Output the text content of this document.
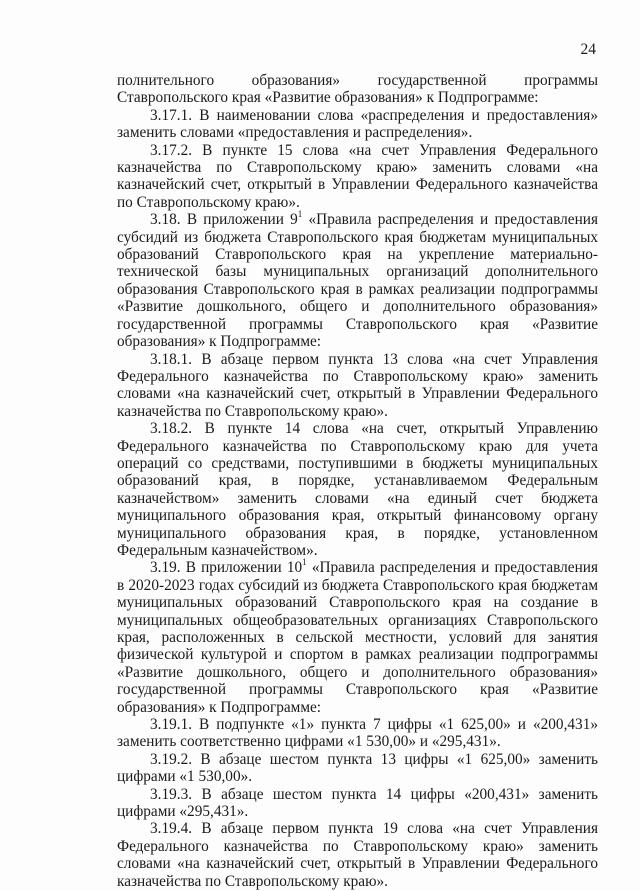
24

полнительного образования» государственной программы Ставропольского края «Развитие образования» к Подпрограмме:

3.17.1. В наименовании слова «распределения и предоставления» заменить словами «предоставления и распределения».

3.17.2. В пункте 15 слова «на счет Управления Федерального казначейства по Ставропольскому краю» заменить словами «на казначейский счет, открытый в Управлении Федерального казначейства по Ставропольскому краю».

3.18. В приложении $9^1$ «Правила распределения и предоставления субсидий из бюджета Ставропольского края бюджетам муниципальных образований Ставропольского края на укрепление материально-технической базы муниципальных организаций дополнительного образования Ставропольского края в рамках реализации подпрограммы «Развитие дошкольного, общего и дополнительного образования» государственной программы Ставропольского края «Развитие образования» к Подпрограмме:

3.18.1. В абзаце первом пункта 13 слова «на счет Управления Федерального казначейства по Ставропольскому краю» заменить словами «на казначейский счет, открытый в Управлении Федерального казначейства по Ставропольскому краю».

3.18.2. В пункте 14 слова «на счет, открытый Управлению Федерального казначейства по Ставропольскому краю для учета операций со средствами, поступившими в бюджеты муниципальных образований края, в порядке, устанавливаемом Федеральным казначейством» заменить словами «на единый счет бюджета муниципального образования края, открытый финансовому органу муниципального образования края, в порядке, установленном Федеральным казначейством».

3.19. В приложении $10^1$ «Правила распределения и предоставления в 2020-2023 годах субсидий из бюджета Ставропольского края бюджетам муниципальных образований Ставропольского края на создание в муниципальных общеобразовательных организациях Ставропольского края, расположенных в сельской местности, условий для занятия физической культурой и спортом в рамках реализации подпрограммы «Развитие дошкольного, общего и дополнительного образования» государственной программы Ставропольского края «Развитие образования» к Подпрограмме:

3.19.1. В подпункте «1» пункта 7 цифры «1 625,00» и «200,431» заменить соответственно цифрами «1 530,00» и «295,431».

3.19.2. В абзаце шестом пункта 13 цифры «1 625,00» заменить цифрами «1 530,00».

3.19.3. В абзаце шестом пункта 14 цифры «200,431» заменить цифрами «295,431».

3.19.4. В абзаце первом пункта 19 слова «на счет Управления Федерального казначейства по Ставропольскому краю» заменить словами «на казначейский счет, открытый в Управлении Федерального казначейства по Ставропольскому краю».
